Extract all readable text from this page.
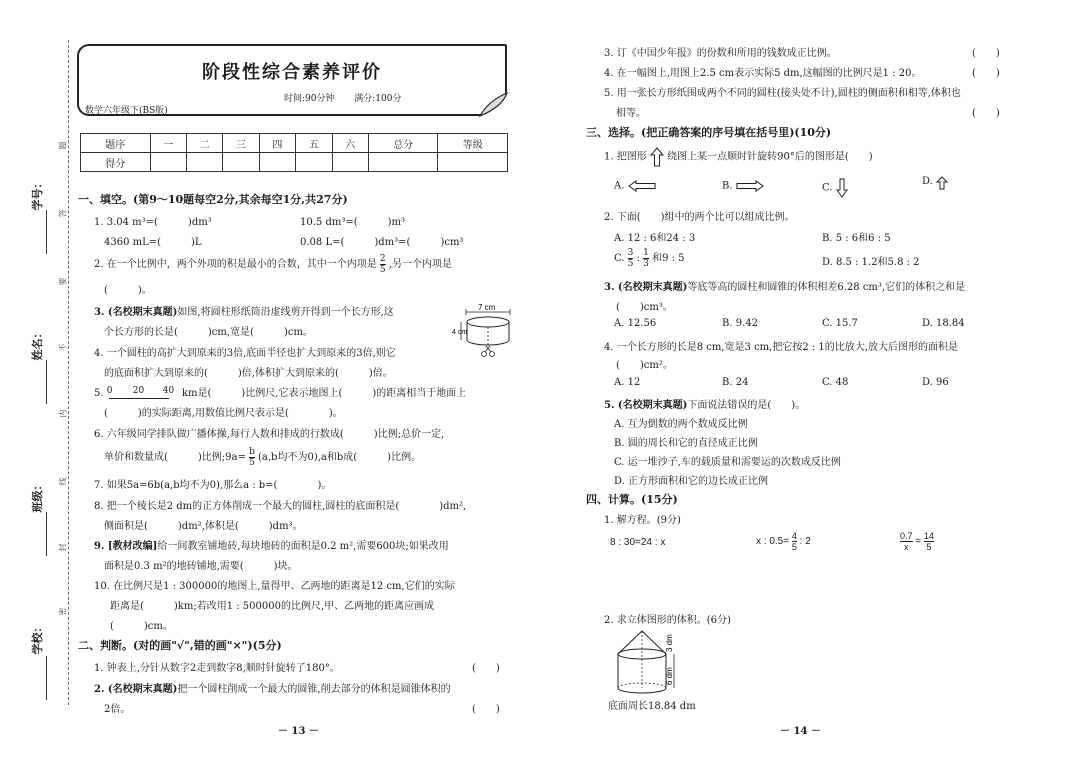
学号：
姓名：
班级：
学校：
题
答
要
不
内
线
封
密
阶段性综合素养评价
时间:90分钟 满分:100分
数学六年级下(BS版)
题序	一	二	三	四	五	六	总分	等级
得分								
一、填空。(第9～10题每空2分,其余每空1分,共27分)
1. 3.04 m³=(　　　)dm³	10.5 dm³=(　　　)m³
4360 mL=(　　　)L	0.08 L=(　　　)dm³=(　　　)cm³
2. 在一个比例中，两个外项的积是最小的合数，其中一个内项是 $\frac{2}{5}$ ,另一个内项是
(　　　)。
3. (名校期末真题)如图,将圆柱形纸筒沿虚线剪开得到一个长方形,这
个长方形的长是(　　　)cm,宽是(　　　)cm。
7 cm
4 cm
4. 一个圆柱的高扩大到原来的3倍,底面半径也扩大到原来的3倍,则它
的底面积扩大到原来的(　　　)倍,体积扩大到原来的(　　　)倍。
5. 0 20 40 km是(　　　)比例尺,它表示地图上(　　　)的距离相当于地面上
(　　　)的实际距离,用数值比例尺表示是(　　　　)。
6. 六年级同学排队做广播体操,每行人数和排成的行数成(　　　)比例;总价一定,
单价和数量成(　　　)比例;9a= $\frac{b}{5} (a,b$均不为0),a和b成(　　　)比例。
7. 如果5a=6b(a,b均不为0),那么a : b=(　　　　)。
8. 把一个棱长是2 dm的正方体削成一个最大的圆柱,圆柱的底面积是(　　　　)dm²,
侧面积是(　　　)dm²,体积是(　　　)dm³。
9. [教材改编]给一间教室铺地砖,每块地砖的面积是0.2 m²,需要600块;如果改用
面积是0.3 m²的地砖铺地,需要(　　　)块。
10. 在比例尺是1 : 300000的地图上,量得甲、乙两地的距离是12 cm,它们的实际
距离是(　　　)km;若改用1 : 500000的比例尺,甲、乙两地的距离应画成
(　　　)cm。
二、判断。(对的画"√",错的画"×")(5分)
1. 钟表上,分针从数字2走到数字8,顺时针旋转了180°。	(　　)
2. (名校期末真题)把一个圆柱削成一个最大的圆锥,削去部分的体积是圆锥体积的
2倍。	(　　)
－ 13 －
3. 订《中国少年报》的份数和所用的钱数成正比例。	(　　)
4. 在一幅图上,用图上2.5 cm表示实际5 dm,这幅图的比例尺是1 : 20。	(　　)
5. 用一张长方形纸围成两个不同的圆柱(接头处不计),圆柱的侧面积和相等,体积也
相等。	(　　)
三、选择。(把正确答案的序号填在括号里)(10分)
1. 把图形 绕图上某一点顺时针旋转90°后的图形是(　　)
A.	B.	C.
D.
2. 下面(　　)组中的两个比可以组成比例。
A. 12 : 6和24 : 3	B. 5 : 6和6 : 5
C. $\frac{3}{5}$ : $\frac{1}{3}$ 和9 : 5	D. 8.5 : 1.2和5.8 : 2
3. (名校期末真题)等底等高的圆柱和圆锥的体积相差6.28 cm³,它们的体积之和是
(　　)cm³。
A. 12.56	B. 9.42	C. 15.7	D. 18.84
4. 一个长方形的长是8 cm,宽是3 cm,把它按2 : 1的比放大,放大后图形的面积是
(　　)cm²。
A. 12	B. 24	C. 48	D. 96
5. (名校期末真题)下面说法错误的是(　　)。
A. 互为倒数的两个数成反比例
B. 圆的周长和它的直径成正比例
C. 运一堆沙子,车的载质量和需要运的次数成反比例
D. 正方形面积和它的边长成正比例
四、计算。(15分)
1. 解方程。(9分)
8 : 30=24 : x	x : $0.5= \frac{4}{5}$ : 2	$\frac{0.7}{x} = \frac{14}{5}$
2. 求立体图形的体积。(6分)
6 dm
3 dm
底面周长18.84 dm
－ 14 －
